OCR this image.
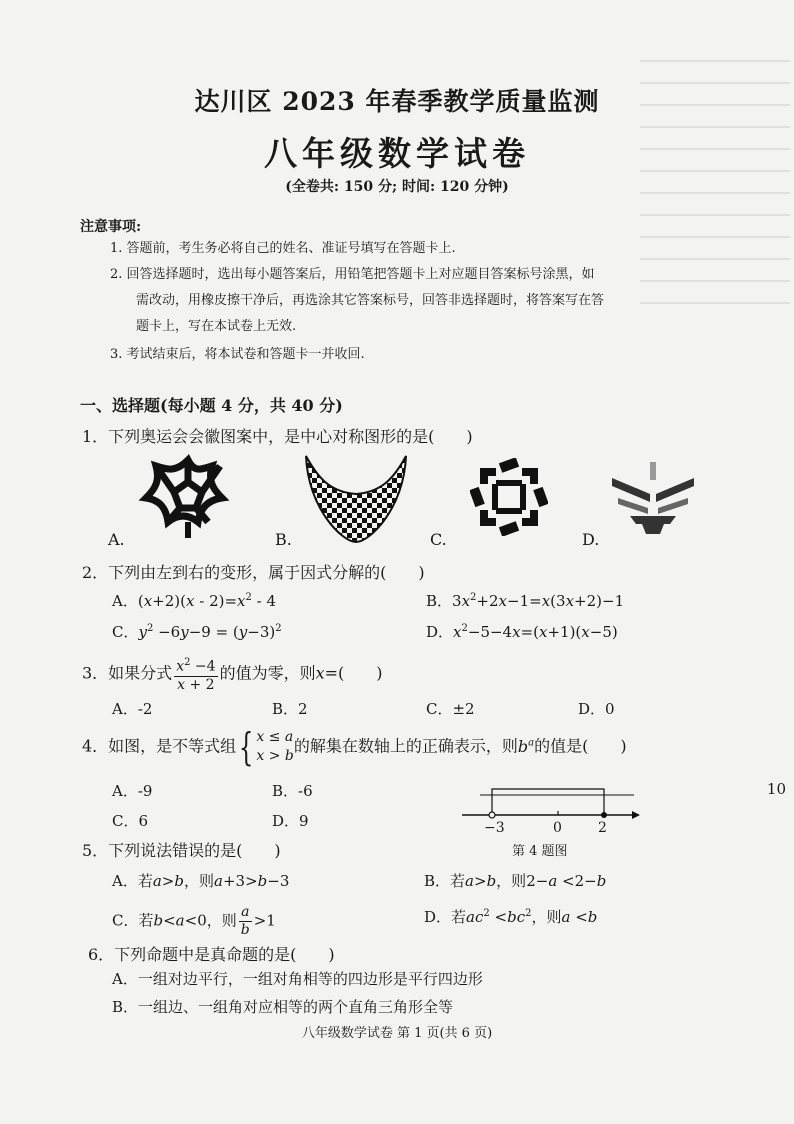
达川区 2023 年春季教学质量监测
八年级数学试卷
(全卷共: 150 分; 时间: 120 分钟)
注意事项:
1. 答题前，考生务必将自己的姓名、准证号填写在答题卡上.
2. 回答选择题时，选出每小题答案后，用铅笔把答题卡上对应题目答案标号涂黑，如
需改动，用橡皮擦干净后，再选涂其它答案标号，回答非选择题时，将答案写在答
题卡上，写在本试卷上无效.
3. 考试结束后，将本试卷和答题卡一并收回.
一、选择题(每小题 4 分，共 40 分)
1．下列奥运会会徽图案中，是中心对称图形的是(　　)
A.	B.	C.	D.
2．下列由左到右的变形，属于因式分解的(　　)
A．$(x+2)(x - 2)=x^2 - 4$	B．$3x^2+2x-1=x(3x+2)-1$
C．$y^2 -6y-9 = (y-3)^2$	D．$x^2-5-4x=(x+1)(x-5)$
3．如果分式 $\frac{x^2 -4}{x + 2}$ 的值为零，则x=(　　)
A．-2	B．2	C．±2	D．0
4．如图，是不等式组{ x ≤ a
x > b
的解集在数轴上的正确表示，则$b^a$的值是(　　)
A．-9	B．-6
C．6	D．9	−3	0	2
第 4 题图
5．下列说法错误的是(　　)
A．若a>b，则a+3>b−3	B．若a>b，则2−a <2−b
C．若b<a<0，则 $\frac{a}{b} >1$	D．若$ac^2 <bc^2$，则a <b
6．下列命题中是真命题的是(　　)
A．一组对边平行，一组对角相等的四边形是平行四边形
B．一组边、一组角对应相等的两个直角三角形全等
八年级数学试卷 第 1 页(共 6 页)
10
